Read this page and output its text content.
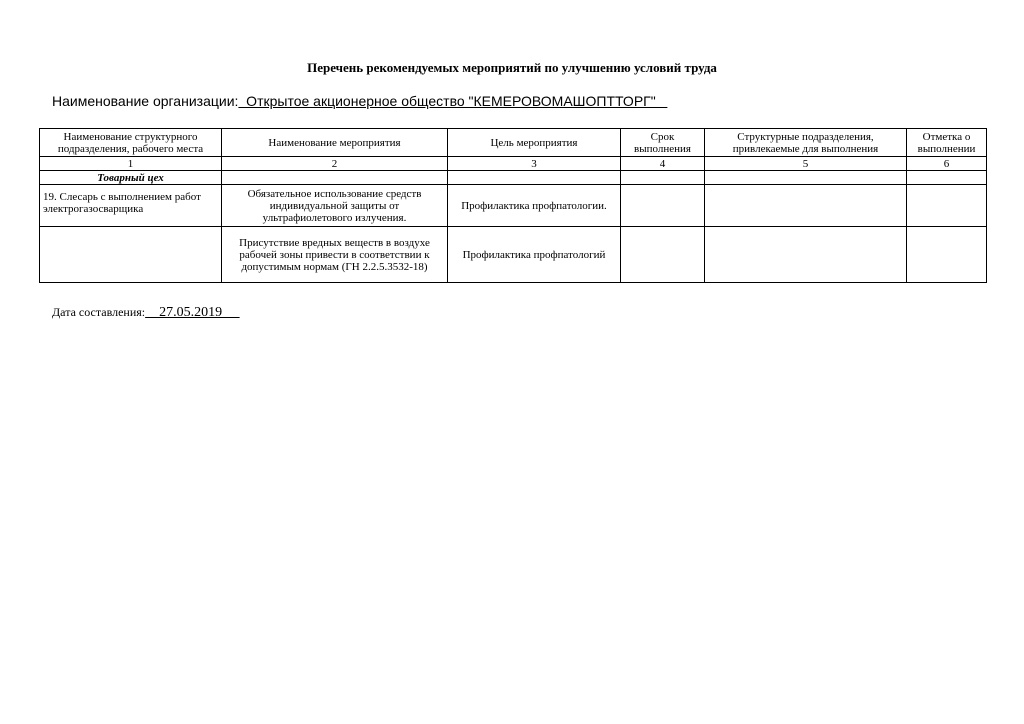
Перечень рекомендуемых мероприятий по улучшению условий труда
Наименование организации:  Открытое акционерное общество "КЕМЕРОВОМАШОПТТОРГ"
Наименование структурного подразделения, рабочего места	Наименование мероприятия	Цель мероприятия	Срок выполнения	Структурные подразделения, привлекаемые для выполнения	Отметка о выполнении
1	2	3	4	5	6
Товарный цех					
19. Слесарь с выполнением работ электрогазосварщика	Обязательное использование средств индивидуальной защиты от ультрафиолетового излучения.	Профилактика профпатологии.			
	Присутствие вредных веществ в воздухе рабочей зоны привести в соответствии к допустимым нормам (ГН 2.2.5.3532-18)	Профилактика профпатологий			
Дата составления:    27.05.2019
